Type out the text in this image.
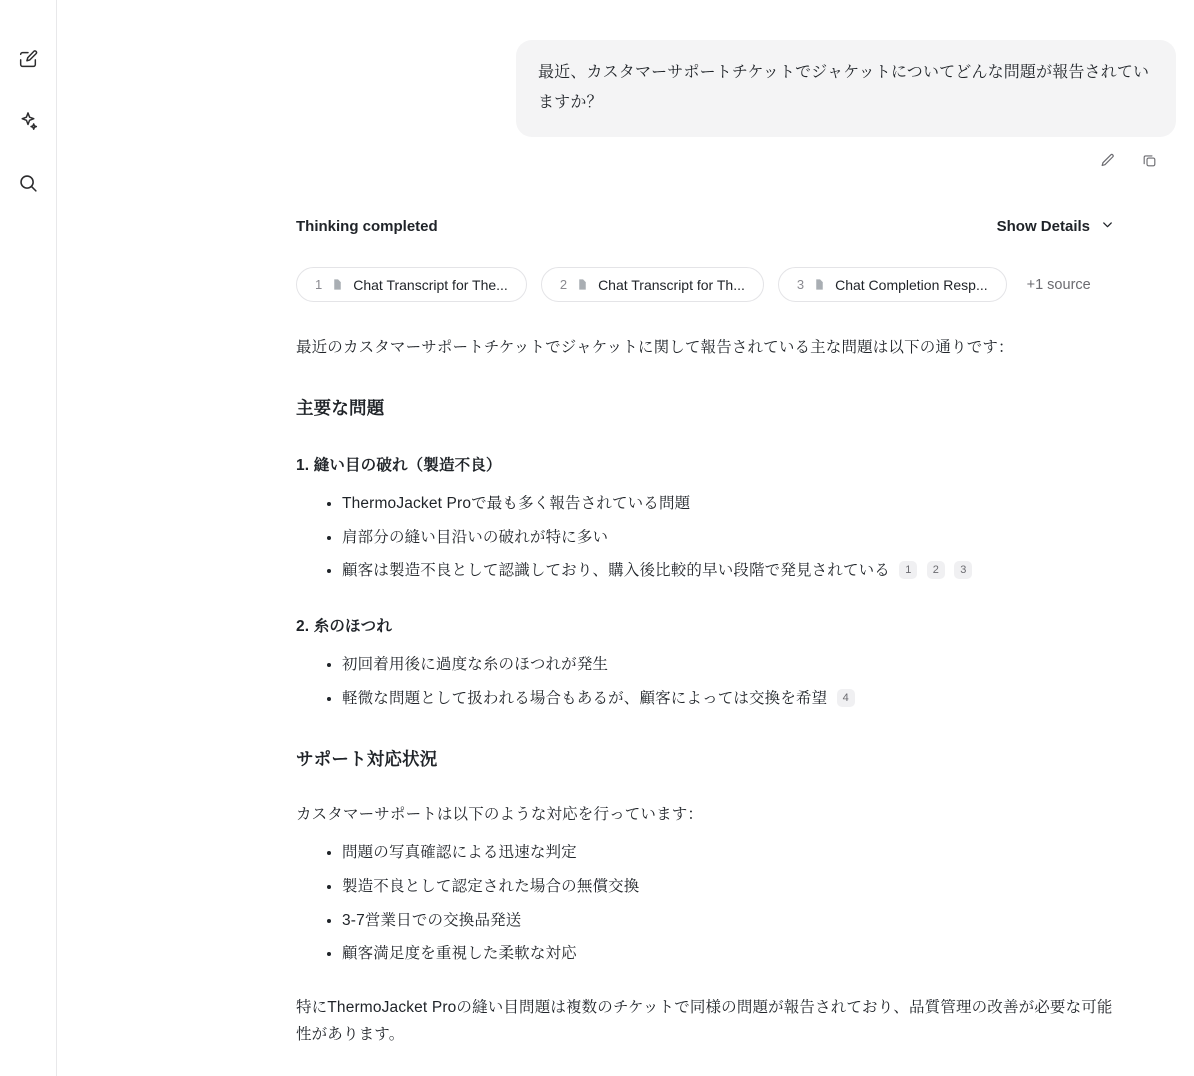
最近、カスタマーサポートチケットでジャケットについてどんな問題が報告されていますか？
Thinking completed	Show Details
1 Chat Transcript for The...	2 Chat Transcript for Th...	3 Chat Completion Resp...	+1 source

最近のカスタマーサポートチケットでジャケットに関して報告されている主な問題は以下の通りです：

主要な問題
1. 縫い目の破れ（製造不良）
• ThermoJacket Proで最も多く報告されている問題
• 肩部分の縫い目沿いの破れが特に多い
• 顧客は製造不良として認識しており、購入後比較的早い段階で発見されている 1 2 3
2. 糸のほつれ
• 初回着用後に過度な糸のほつれが発生
• 軽微な問題として扱われる場合もあるが、顧客によっては交換を希望 4
サポート対応状況

カスタマーサポートは以下のような対応を行っています：

• 問題の写真確認による迅速な判定
• 製造不良として認定された場合の無償交換
• 3-7営業日での交換品発送
• 顧客満足度を重視した柔軟な対応

特にThermoJacket Proの縫い目問題は複数のチケットで同様の問題が報告されており、品質管理の改善が必要な可能性があります。
